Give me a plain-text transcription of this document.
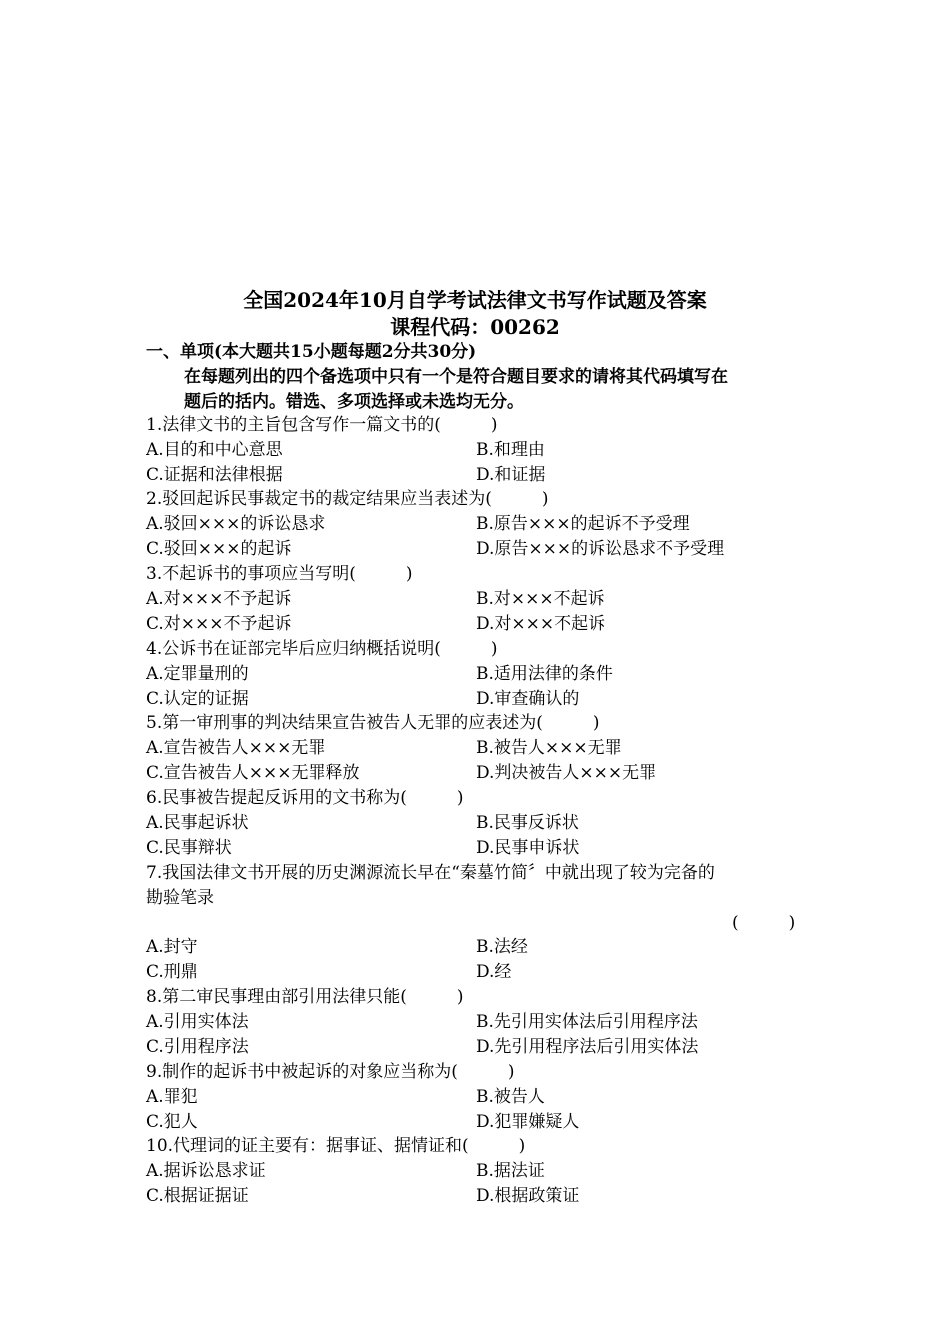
全国2024年10月自学考试法律文书写作试题及答案
课程代码：00262
一、单项(本大题共15小题每题2分共30分)
在每题列出的四个备选项中只有一个是符合题目要求的请将其代码填写在
题后的括内。错选、多项选择或未选均无分。
1.法律文书的主旨包含写作一篇文书的(	)
A.目的和中心意思	B.和理由
C.证据和法律根据	D.和证据
2.驳回起诉民事裁定书的裁定结果应当表述为(	)
A.驳回×××的诉讼恳求	B.原告×××的起诉不予受理
C.驳回×××的起诉	D.原告×××的诉讼恳求不予受理
3.不起诉书的事项应当写明(	)
A.对×××不予起诉	B.对×××不起诉
C.对×××不予起诉	D.对×××不起诉
4.公诉书在证部完毕后应归纳概括说明(	)
A.定罪量刑的	B.适用法律的条件
C.认定的证据	D.审查确认的
5.第一审刑事的判决结果宣告被告人无罪的应表述为(	)
A.宣告被告人×××无罪	B.被告人×××无罪
C.宣告被告人×××无罪释放	D.判决被告人×××无罪
6.民事被告提起反诉用的文书称为(	)
A.民事起诉状	B.民事反诉状
C.民事辩状	D.民事申诉状
7.我国法律文书开展的历史渊源流长早在“秦墓竹简〞中就出现了较为完备的
勘验笔录
(	)
A.封守	B.法经
C.刑鼎	D.经
8.第二审民事理由部引用法律只能(	)
A.引用实体法	B.先引用实体法后引用程序法
C.引用程序法	D.先引用程序法后引用实体法
9.制作的起诉书中被起诉的对象应当称为(	)
A.罪犯	B.被告人
C.犯人	D.犯罪嫌疑人
10.代理词的证主要有：据事证、据情证和(	)
A.据诉讼恳求证	B.据法证
C.根据证据证	D.根据政策证
